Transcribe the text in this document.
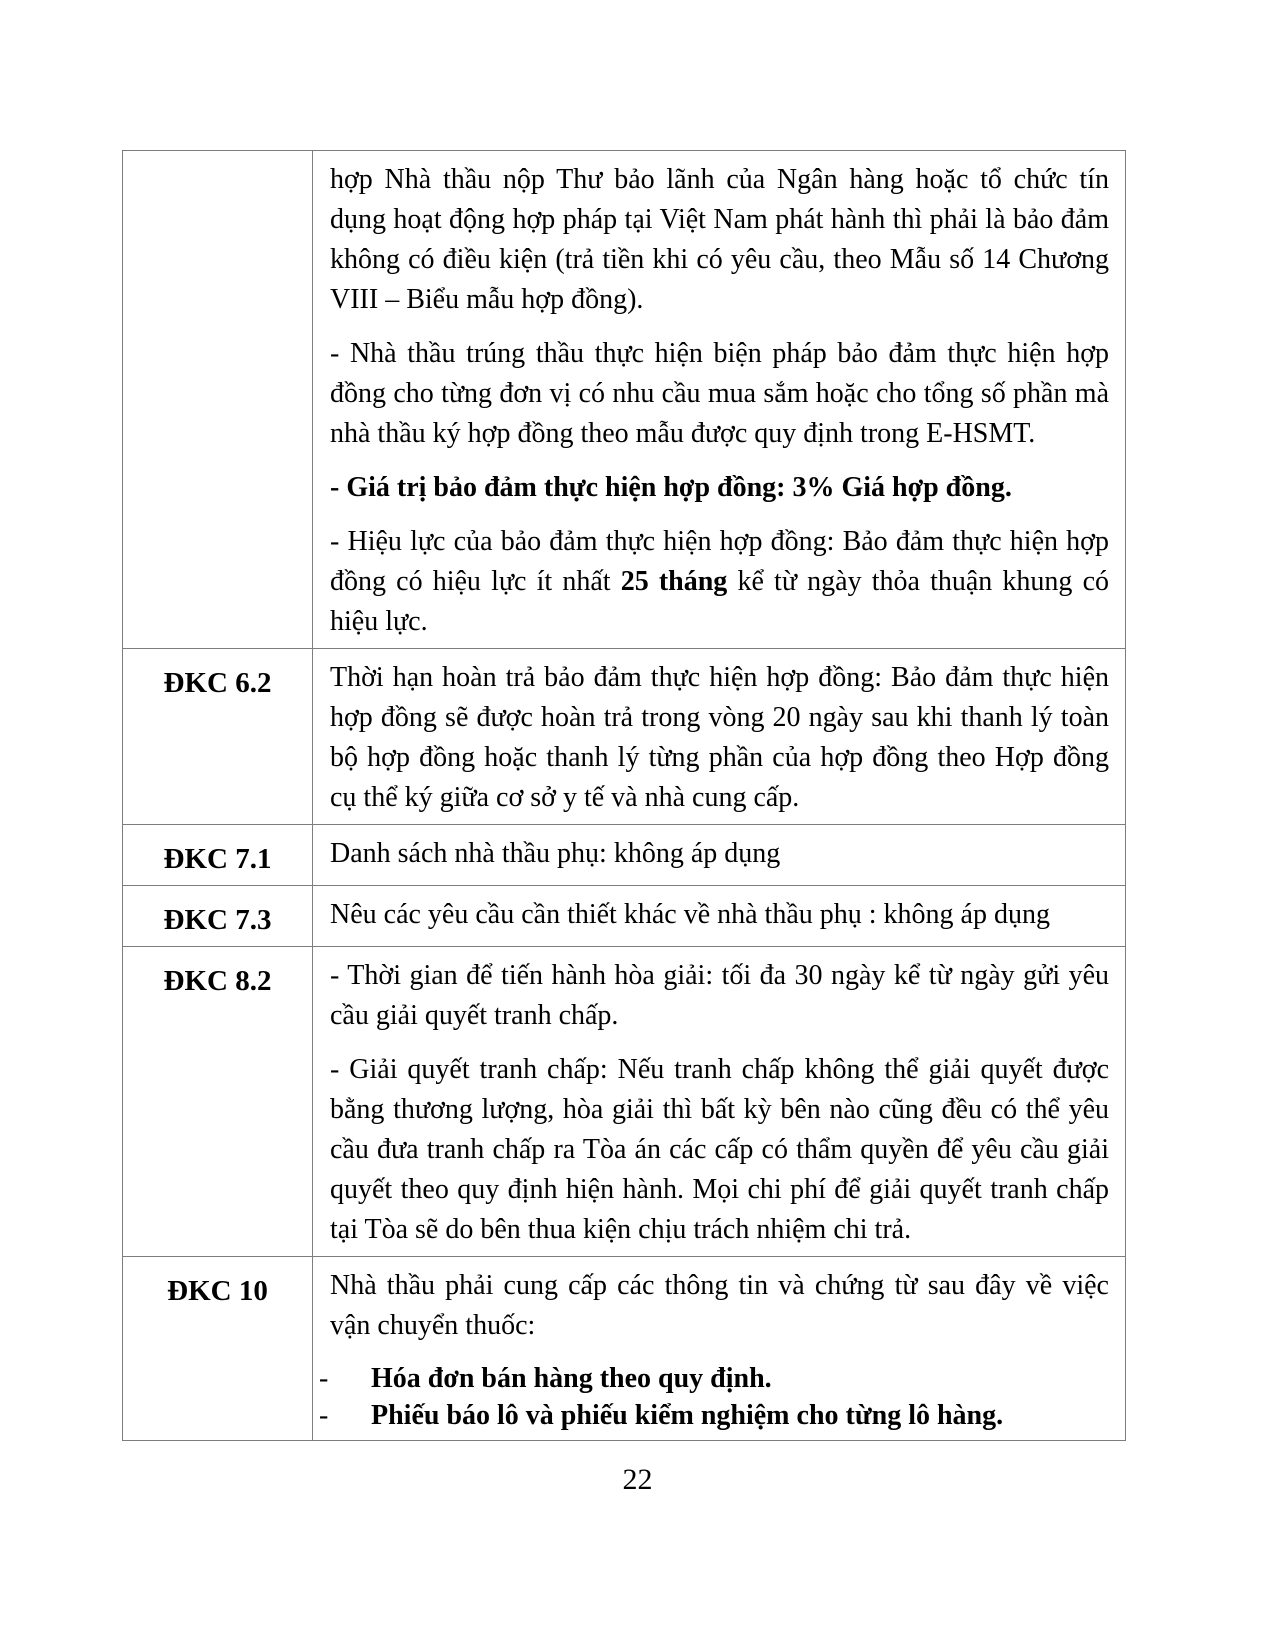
	hợp Nhà thầu nộp Thư bảo lãnh của Ngân hàng hoặc tổ chức tín dụng hoạt động hợp pháp tại Việt Nam phát hành thì phải là bảo đảm không có điều kiện (trả tiền khi có yêu cầu, theo Mẫu số 14 Chương VIII – Biểu mẫu hợp đồng).

- Nhà thầu trúng thầu thực hiện biện pháp bảo đảm thực hiện hợp đồng cho từng đơn vị có nhu cầu mua sắm hoặc cho tổng số phần mà nhà thầu ký hợp đồng theo mẫu được quy định trong E-HSMT.

- Giá trị bảo đảm thực hiện hợp đồng: 3% Giá hợp đồng.

- Hiệu lực của bảo đảm thực hiện hợp đồng: Bảo đảm thực hiện hợp đồng có hiệu lực ít nhất 25 tháng kể từ ngày thỏa thuận khung có hiệu lực.

ĐKC 6.2	Thời hạn hoàn trả bảo đảm thực hiện hợp đồng: Bảo đảm thực hiện hợp đồng sẽ được hoàn trả trong vòng 20 ngày sau khi thanh lý toàn bộ hợp đồng hoặc thanh lý từng phần của hợp đồng theo Hợp đồng cụ thể ký giữa cơ sở y tế và nhà cung cấp.

ĐKC 7.1	Danh sách nhà thầu phụ: không áp dụng

ĐKC 7.3	Nêu các yêu cầu cần thiết khác về nhà thầu phụ : không áp dụng

ĐKC 8.2	- Thời gian để tiến hành hòa giải: tối đa 30 ngày kể từ ngày gửi yêu cầu giải quyết tranh chấp.

- Giải quyết tranh chấp: Nếu tranh chấp không thể giải quyết được bằng thương lượng, hòa giải thì bất kỳ bên nào cũng đều có thể yêu cầu đưa tranh chấp ra Tòa án các cấp có thẩm quyền để yêu cầu giải quyết theo quy định hiện hành. Mọi chi phí để giải quyết tranh chấp tại Tòa sẽ do bên thua kiện chịu trách nhiệm chi trả.

ĐKC 10	Nhà thầu phải cung cấp các thông tin và chứng từ sau đây về việc vận chuyển thuốc:

- Hóa đơn bán hàng theo quy định.
- Phiếu báo lô và phiếu kiểm nghiệm cho từng lô hàng.
22
